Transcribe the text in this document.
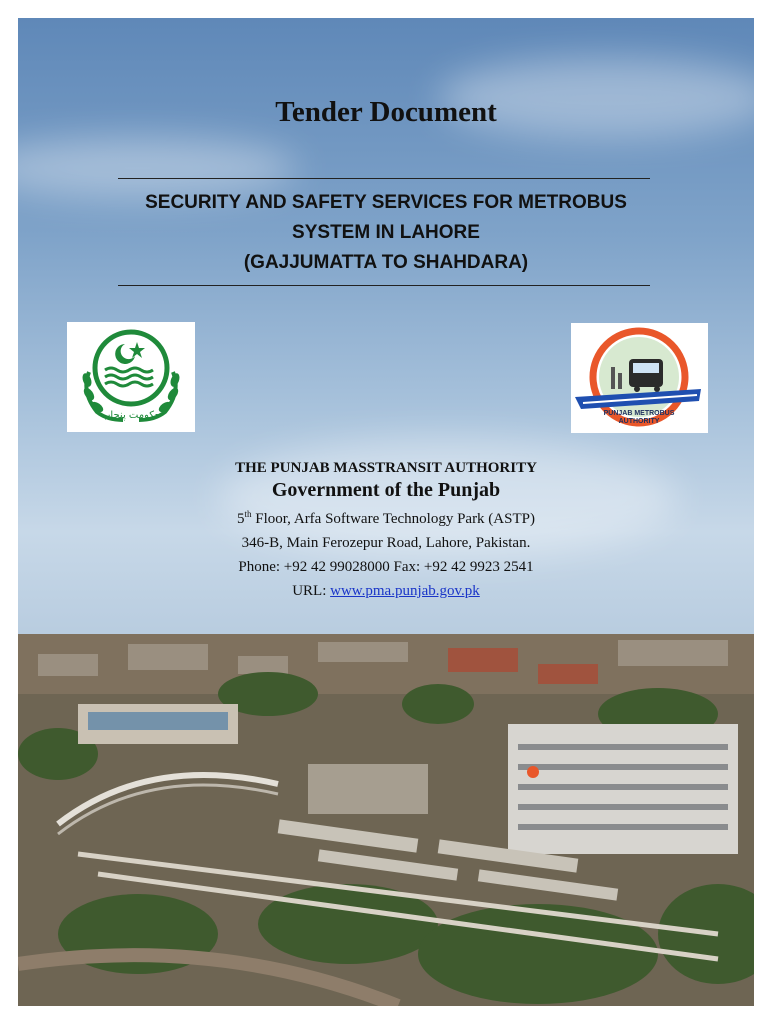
Tender Document
SECURITY AND SAFETY SERVICES FOR METROBUS
SYSTEM IN LAHORE
(GAJJUMATTA TO SHAHDARA)
حکومت پنجاب	PUNJAB METROBUS
AUTHORITY
THE PUNJAB MASSTRANSIT AUTHORITY
Government of the Punjab
5th Floor, Arfa Software Technology Park (ASTP)
346-B, Main Ferozepur Road, Lahore, Pakistan.
Phone: +92 42 99028000 Fax: +92 42 9923 2541
URL: www.pma.punjab.gov.pk
